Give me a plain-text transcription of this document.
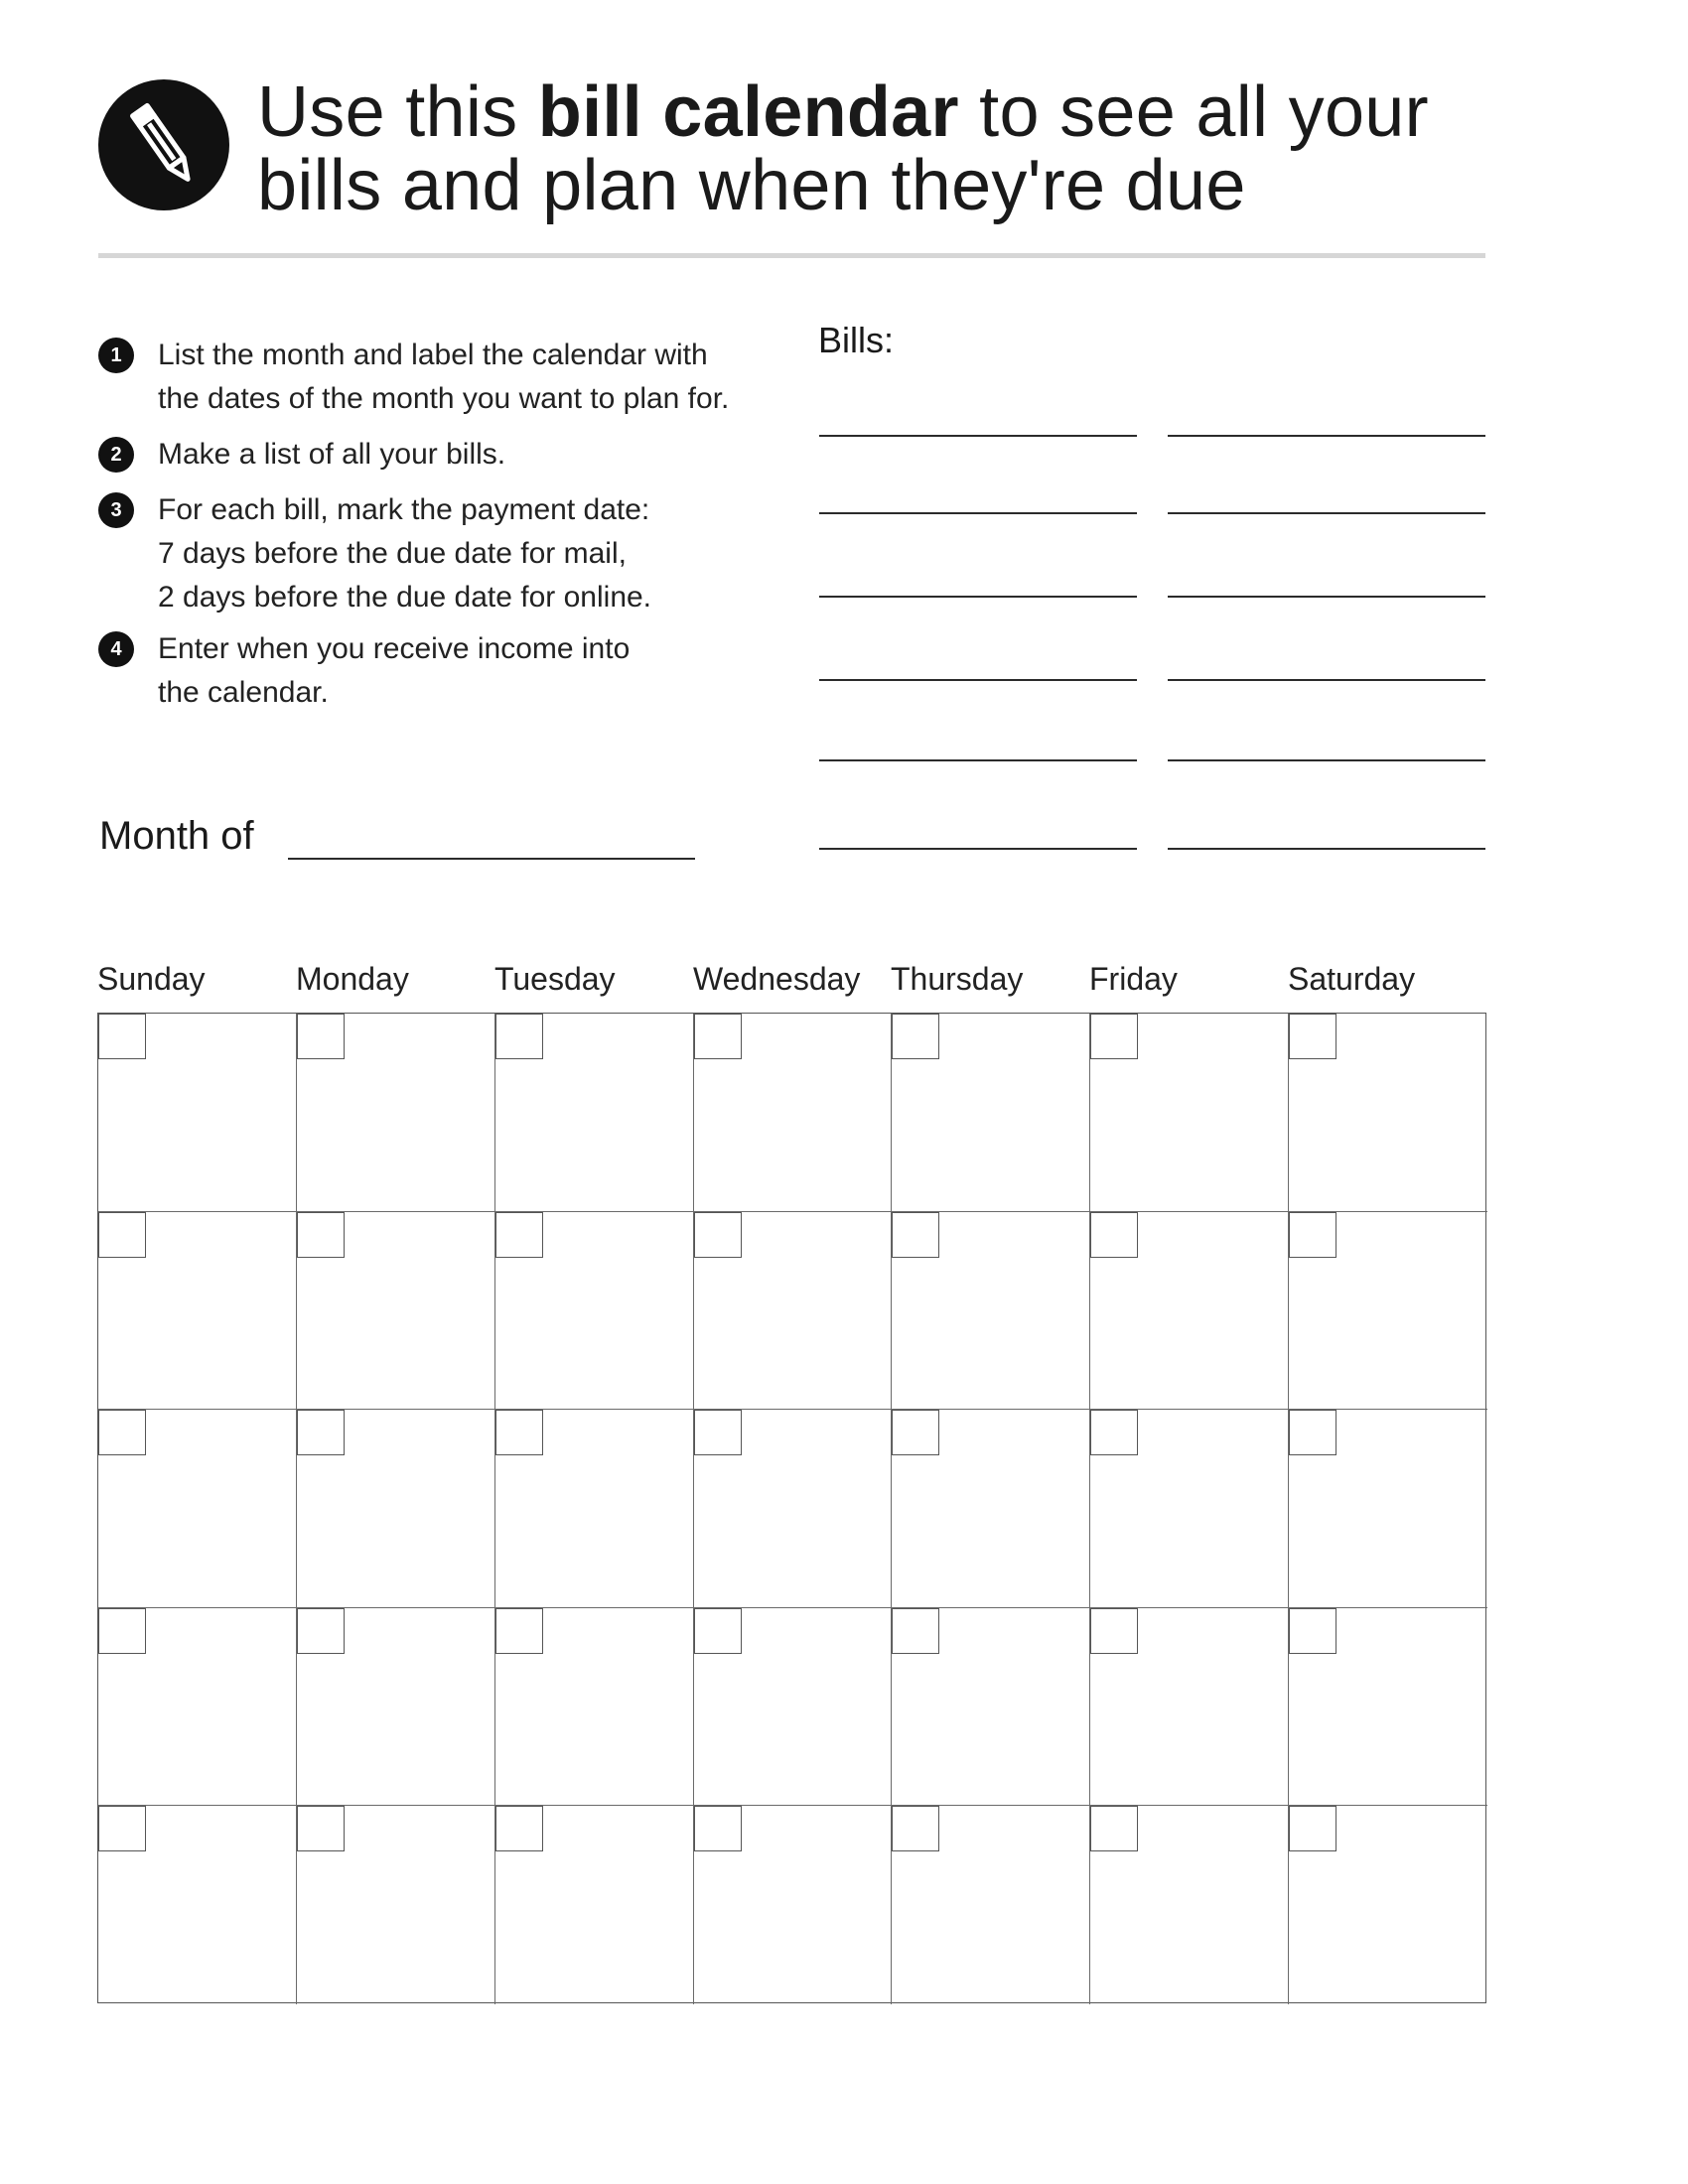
Use this bill calendar to see all your bills and plan when they're due
1	List the month and label the calendar with
the dates of the month you want to plan for.
2	Make a list of all your bills.
3	For each bill, mark the payment date:
7 days before the due date for mail,
2 days before the due date for online.
4	Enter when you receive income into
the calendar.
Bills:
Month of
Sunday	Monday	Tuesday Wednesday Thursday Friday	Saturday
